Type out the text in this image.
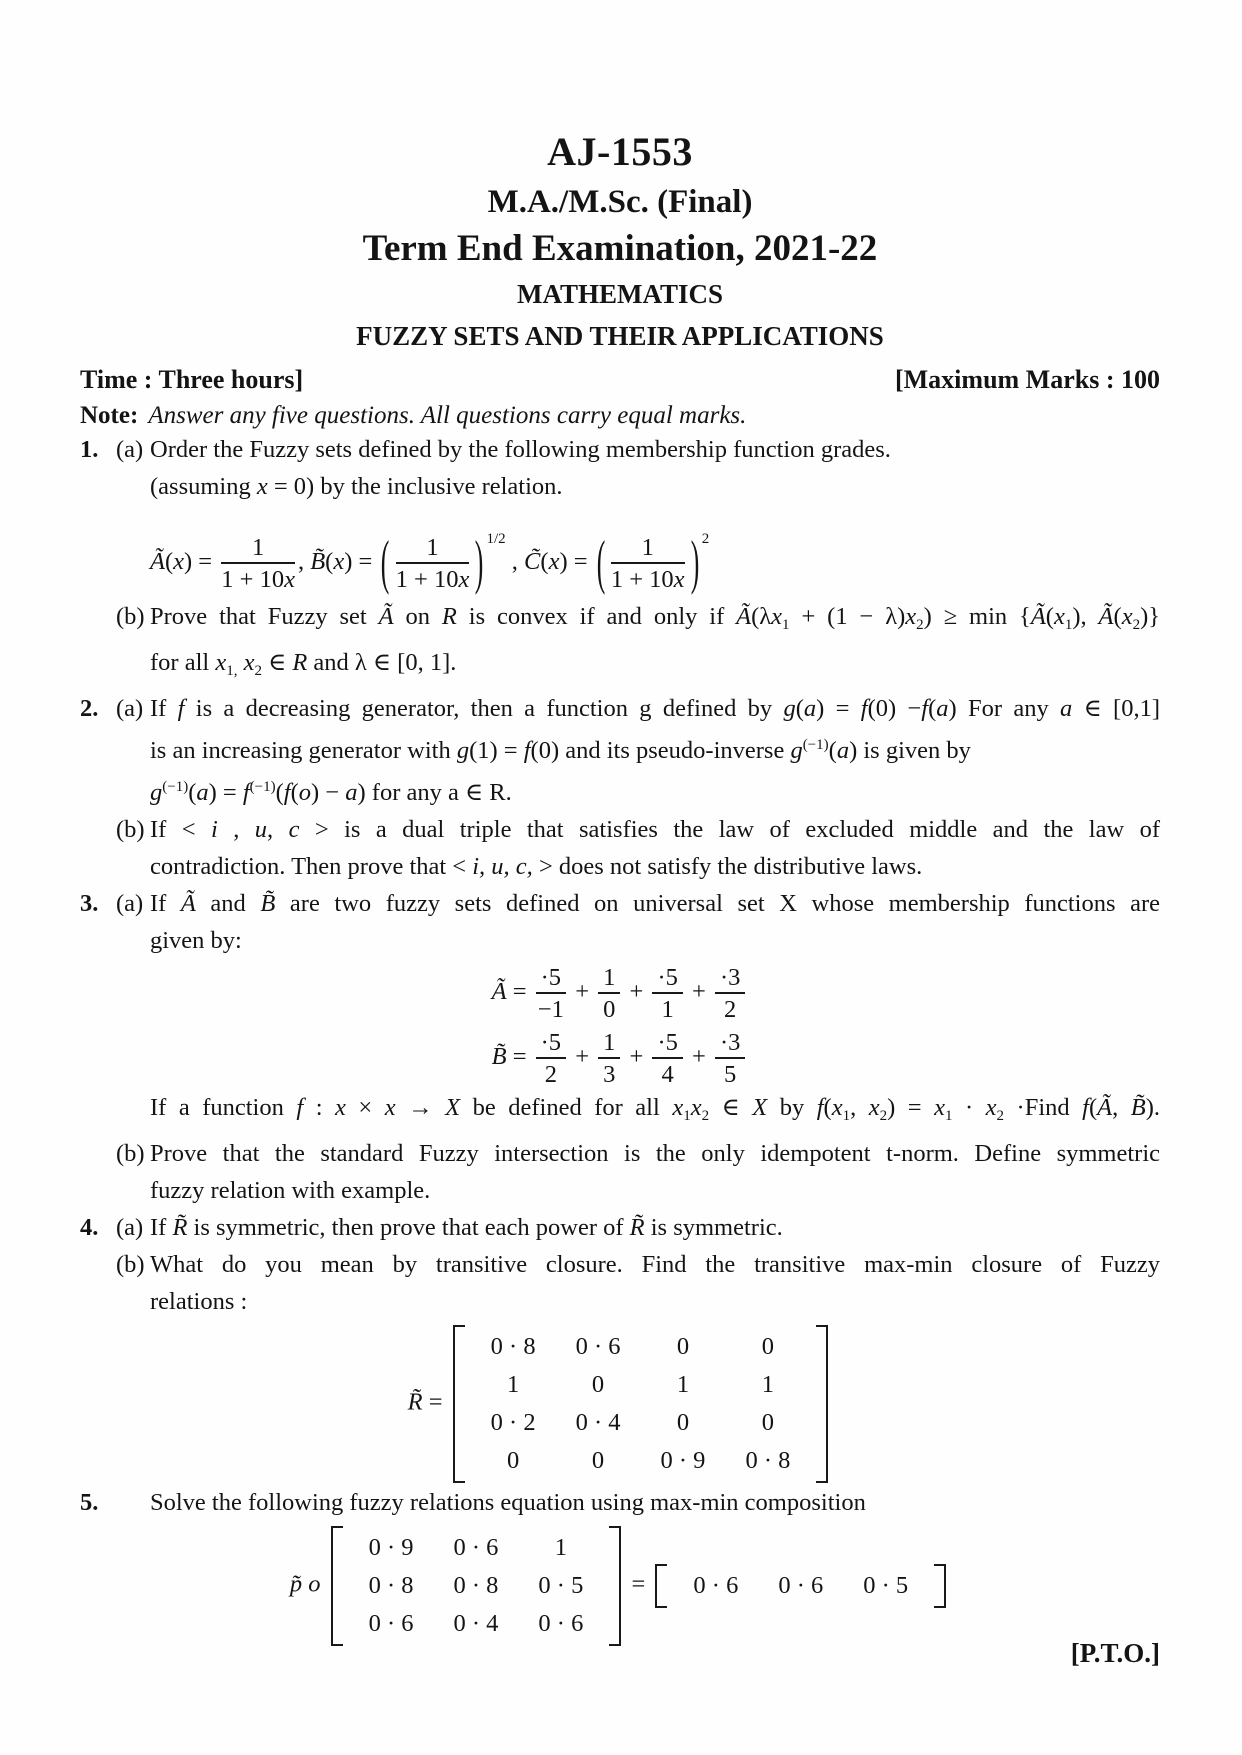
AJ-1553
M.A./M.Sc. (Final)
Term End Examination, 2021-22
MATHEMATICS
FUZZY SETS AND THEIR APPLICATIONS
Time : Three hours]	[Maximum Marks : 100
Note: Answer any five questions. All questions carry equal marks.
1. (a) Order the Fuzzy sets defined by the following membership function grades.
(assuming x = 0) by the inclusive relation.
Ã(x) = $\frac{1}{1 + 10x}$ , B̃(x) = ( $\frac{1}{1 + 10x}$ ) $^{1/2}$ , C̃(x) = ( $\frac{1}{1 + 10x}$ ) $^2$
(b) Prove that Fuzzy set Ã on R is convex if and only if $Ã(\lambda x_1 + (1 - \lambda)x_2) \ge \min$ {$Ã(x_1)$, $Ã(x_2)$}
for all $x_{1,}$ $x_2$ ∈ R and λ ∈ [0, 1].
2. (a) If f is a decreasing generator, then a function g defined by g(a) = f(0) −f(a) For any a ∈ [0,1]
is an increasing generator with g(1) = f(0) and its pseudo-inverse $g^{(-1)}(a)$ is given by
$g^{(-1)}(a) = f^{(-1)}(f(o) - a)$ for any a ∈ R.
(b) If < i , u, c > is a dual triple that satisfies the law of excluded middle and the law of
contradiction. Then prove that < i, u, c, > does not satisfy the distributive laws.
3. (a) If Ã and B̃ are two fuzzy sets defined on universal set X whose membership functions are
given by:
Ã = $\frac{\cdot 5}{-1} + \frac{1}{0} + \frac{\cdot 5}{1} + \frac{\cdot 3}{2}$
B̃ = $\frac{\cdot 5}{2} + \frac{1}{3} + \frac{\cdot 5}{4} + \frac{\cdot 3}{5}$
If a function f : x × x → X be defined for all $x_1x_2$ ∈ X by $f(x_1$, $x_2) = x_1 \cdot x_2$ ·Find f(Ã, B̃).
(b) Prove that the standard Fuzzy intersection is the only idempotent t-norm. Define symmetric
fuzzy relation with example.
4. (a) If R̃ is symmetric, then prove that each power of R̃ is symmetric.
(b) What do you mean by transitive closure. Find the transitive max-min closure of Fuzzy
relations :
R̃ =
0 · 8	0 · 6	0	0
1	0	1	1
0 · 2	0 · 4	0	0
0	0	0 · 9	0 · 8
5.	Solve the following fuzzy relations equation using max-min composition
p̃ o
0 · 9	0 · 6	1
0 · 8	0 · 8	0 · 5
0 · 6	0 · 4	0 · 6
=	0 · 6	0 · 6	0 · 5
[P.T.O.]
